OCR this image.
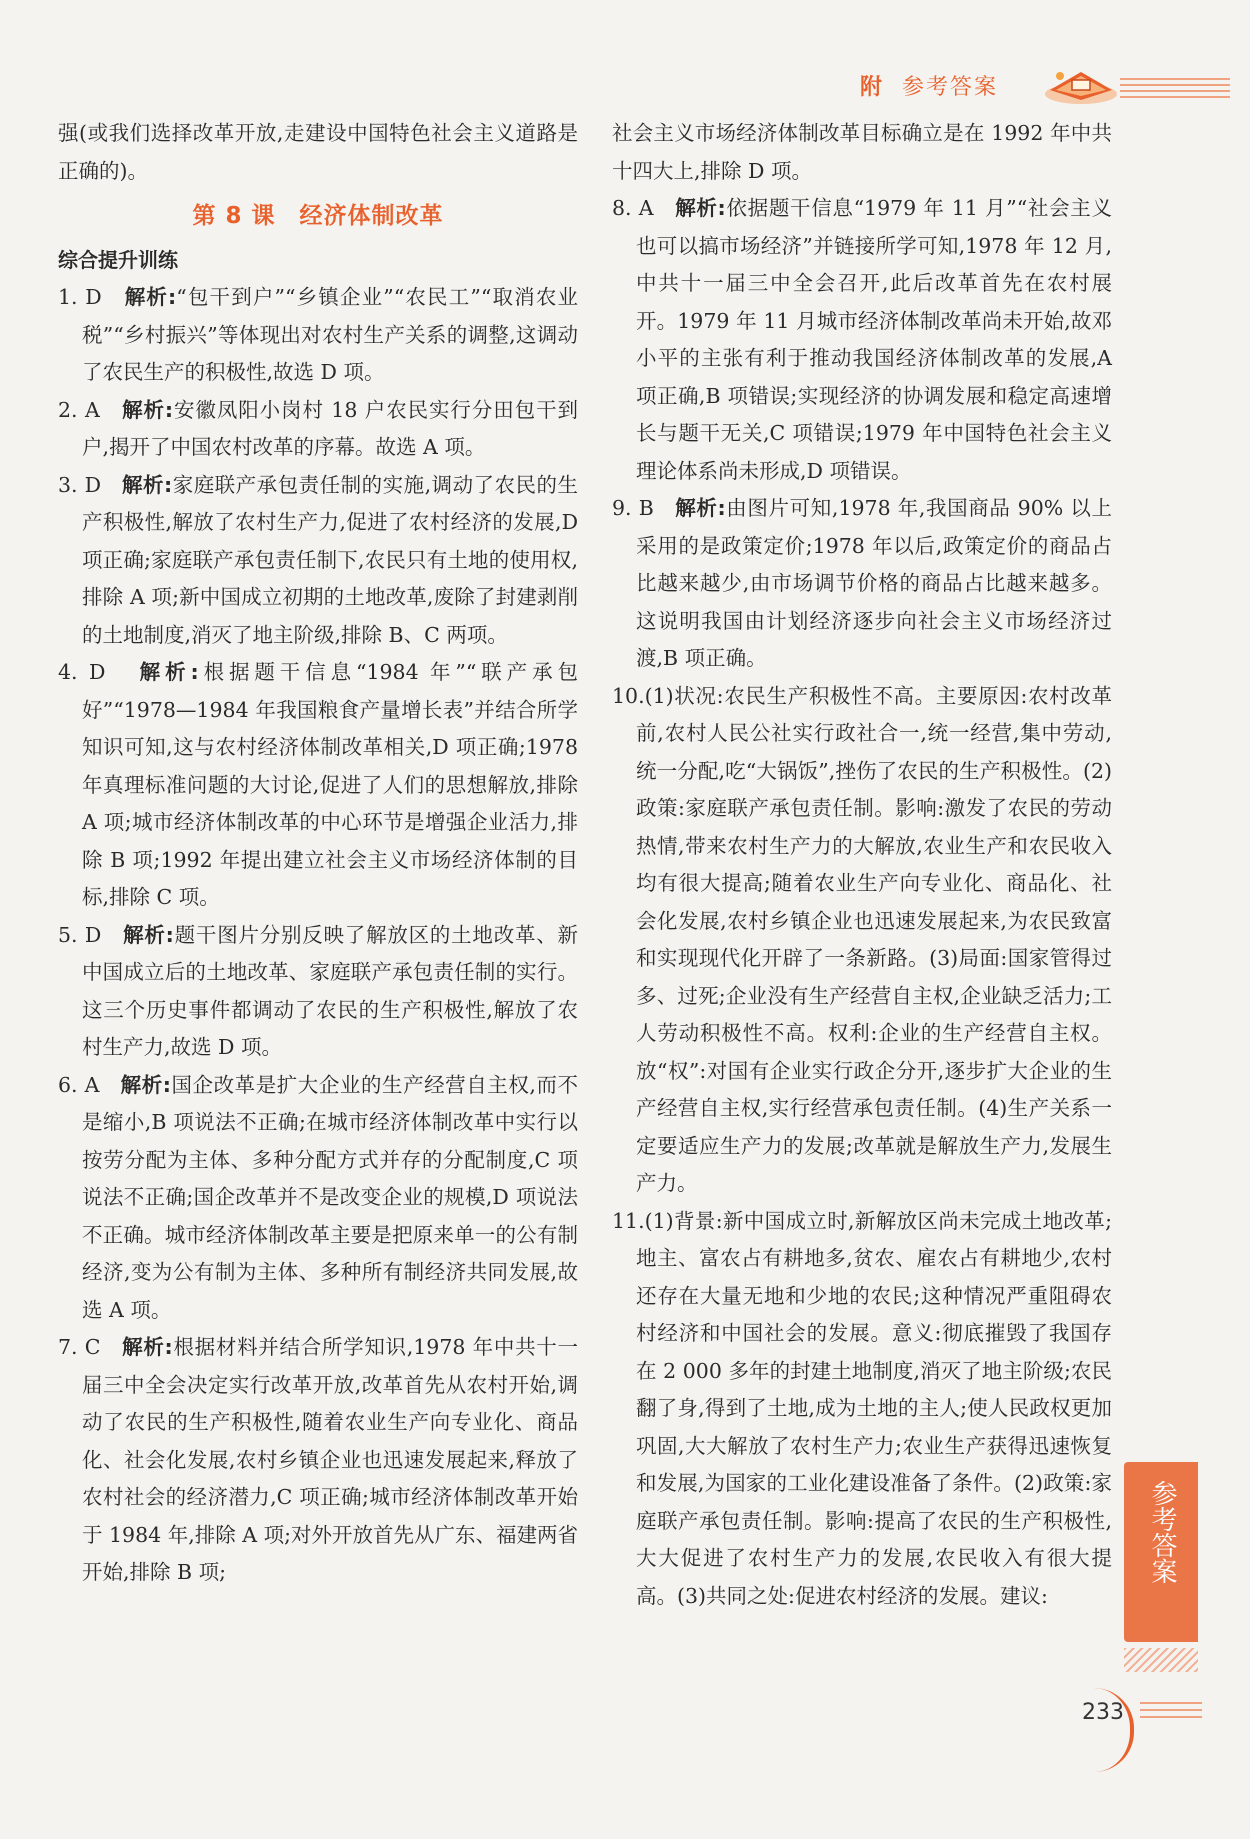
附 参考答案

强(或我们选择改革开放,走建设中国特色社会主义道路是正确的)。

第 8 课 经济体制改革

综合提升训练

1. D 解析:“包干到户”“乡镇企业”“农民工”“取消农业税”“乡村振兴”等体现出对农村生产关系的调整,这调动了农民生产的积极性,故选 D 项。

2. A 解析:安徽凤阳小岗村 18 户农民实行分田包干到户,揭开了中国农村改革的序幕。故选 A 项。

3. D 解析:家庭联产承包责任制的实施,调动了农民的生产积极性,解放了农村生产力,促进了农村经济的发展,D 项正确;家庭联产承包责任制下,农民只有土地的使用权,排除 A 项;新中国成立初期的土地改革,废除了封建剥削的土地制度,消灭了地主阶级,排除 B、C 两项。

4. D 解析:根据题干信息“1984 年”“联产承包好”“1978—1984 年我国粮食产量增长表”并结合所学知识可知,这与农村经济体制改革相关,D 项正确;1978 年真理标准问题的大讨论,促进了人们的思想解放,排除 A 项;城市经济体制改革的中心环节是增强企业活力,排除 B 项;1992 年提出建立社会主义市场经济体制的目标,排除 C 项。

5. D 解析:题干图片分别反映了解放区的土地改革、新中国成立后的土地改革、家庭联产承包责任制的实行。这三个历史事件都调动了农民的生产积极性,解放了农村生产力,故选 D 项。

6. A 解析:国企改革是扩大企业的生产经营自主权,而不是缩小,B 项说法不正确;在城市经济体制改革中实行以按劳分配为主体、多种分配方式并存的分配制度,C 项说法不正确;国企改革并不是改变企业的规模,D 项说法不正确。城市经济体制改革主要是把原来单一的公有制经济,变为公有制为主体、多种所有制经济共同发展,故选 A 项。

7. C 解析:根据材料并结合所学知识,1978 年中共十一届三中全会决定实行改革开放,改革首先从农村开始,调动了农民的生产积极性,随着农业生产向专业化、商品化、社会化发展,农村乡镇企业也迅速发展起来,释放了农村社会的经济潜力,C 项正确;城市经济体制改革开始于 1984 年,排除 A 项;对外开放首先从广东、福建两省开始,排除 B 项;

社会主义市场经济体制改革目标确立是在 1992 年中共十四大上,排除 D 项。

8. A 解析:依据题干信息“1979 年 11 月”“社会主义也可以搞市场经济”并链接所学可知,1978 年 12 月,中共十一届三中全会召开,此后改革首先在农村展开。1979 年 11 月城市经济体制改革尚未开始,故邓小平的主张有利于推动我国经济体制改革的发展,A 项正确,B 项错误;实现经济的协调发展和稳定高速增长与题干无关,C 项错误;1979 年中国特色社会主义理论体系尚未形成,D 项错误。

9. B 解析:由图片可知,1978 年,我国商品 90% 以上采用的是政策定价;1978 年以后,政策定价的商品占比越来越少,由市场调节价格的商品占比越来越多。这说明我国由计划经济逐步向社会主义市场经济过渡,B 项正确。

10.(1)状况:农民生产积极性不高。主要原因:农村改革前,农村人民公社实行政社合一,统一经营,集中劳动,统一分配,吃“大锅饭”,挫伤了农民的生产积极性。(2)政策:家庭联产承包责任制。影响:激发了农民的劳动热情,带来农村生产力的大解放,农业生产和农民收入均有很大提高;随着农业生产向专业化、商品化、社会化发展,农村乡镇企业也迅速发展起来,为农民致富和实现现代化开辟了一条新路。(3)局面:国家管得过多、过死;企业没有生产经营自主权,企业缺乏活力;工人劳动积极性不高。权利:企业的生产经营自主权。放“权”:对国有企业实行政企分开,逐步扩大企业的生产经营自主权,实行经营承包责任制。(4)生产关系一定要适应生产力的发展;改革就是解放生产力,发展生产力。

11.(1)背景:新中国成立时,新解放区尚未完成土地改革;地主、富农占有耕地多,贫农、雇农占有耕地少,农村还存在大量无地和少地的农民;这种情况严重阻碍农村经济和中国社会的发展。意义:彻底摧毁了我国存在 2 000 多年的封建土地制度,消灭了地主阶级;农民翻了身,得到了土地,成为土地的主人;使人民政权更加巩固,大大解放了农村生产力;农业生产获得迅速恢复和发展,为国家的工业化建设准备了条件。(2)政策:家庭联产承包责任制。影响:提高了农民的生产积极性,大大促进了农村生产力的发展,农民收入有很大提高。(3)共同之处:促进农村经济的发展。建议:

参考答案
233
